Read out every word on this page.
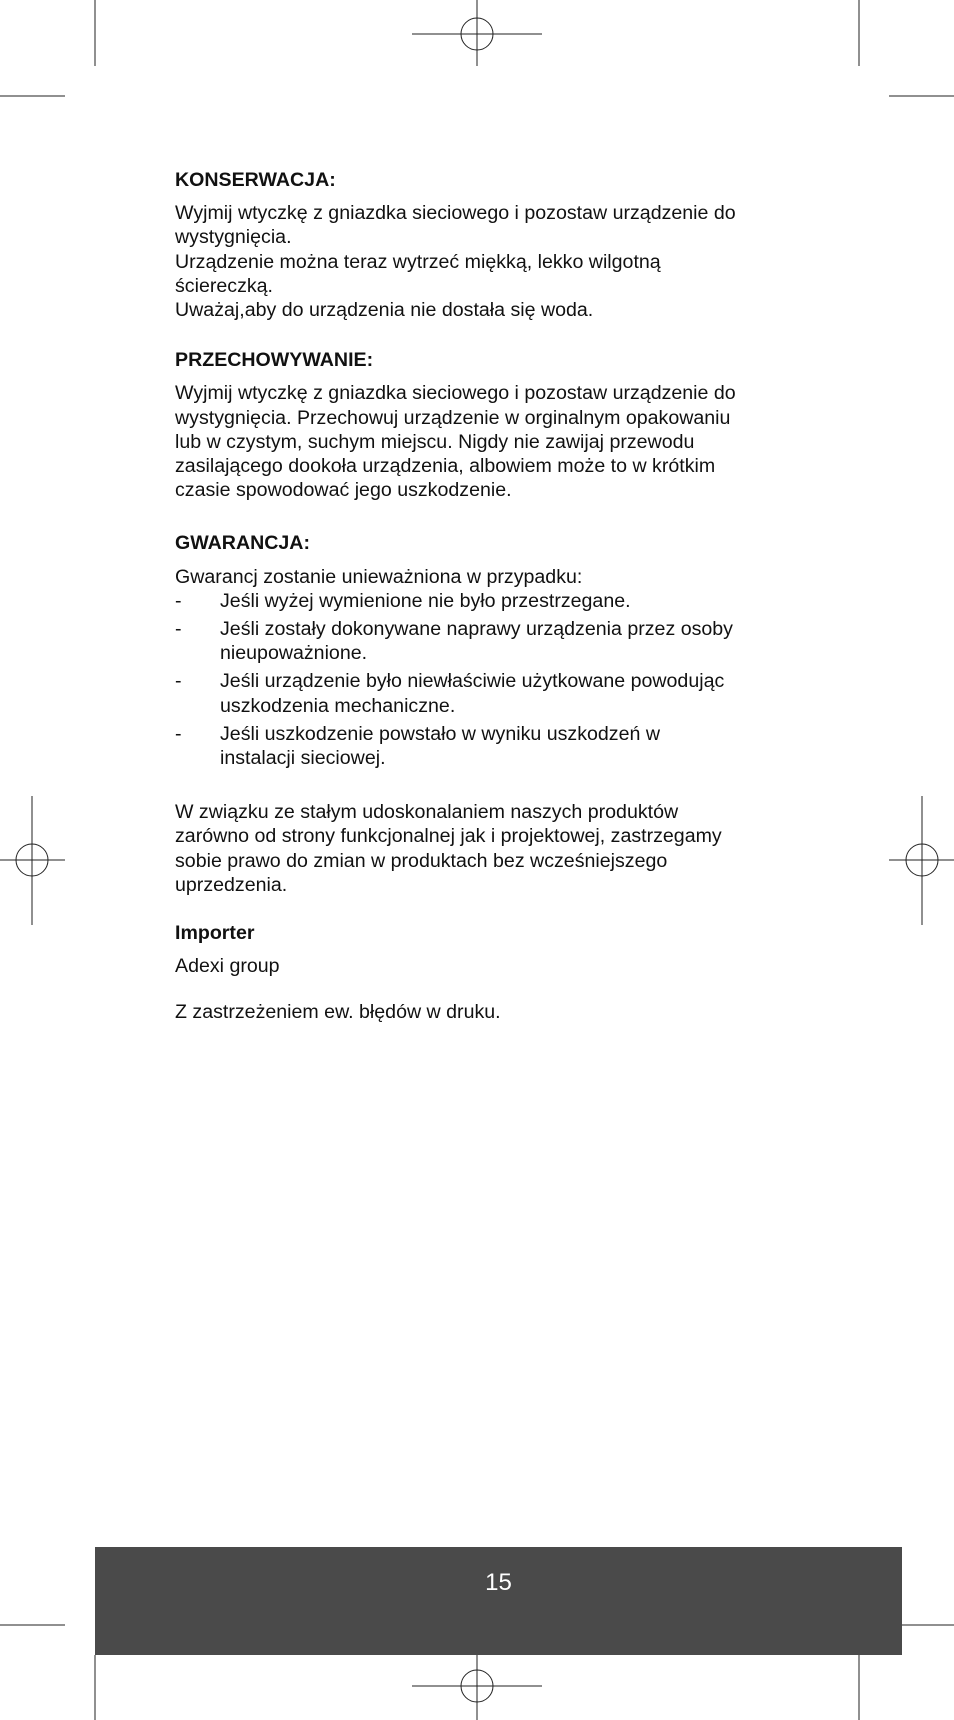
KONSERWACJA:
Wyjmij wtyczkę z gniazdka sieciowego i pozostaw urządzenie do
wystygnięcia.
Urządzenie można teraz wytrzeć miękką, lekko wilgotną
ściereczką.
Uważaj,aby do urządzenia nie dostała się woda.
PRZECHOWYWANIE:
Wyjmij wtyczkę z gniazdka sieciowego i pozostaw urządzenie do
wystygnięcia. Przechowuj urządzenie w orginalnym opakowaniu
lub w czystym, suchym miejscu. Nigdy nie zawijaj przewodu
zasilającego dookoła urządzenia, albowiem może to w krótkim
czasie spowodować jego uszkodzenie.
GWARANCJA:
Gwarancj zostanie unieważniona w przypadku:
- Jeśli wyżej wymienione nie było przestrzegane.
- Jeśli zostały dokonywane naprawy urządzenia przez osoby
nieupoważnione.
- Jeśli urządzenie było niewłaściwie użytkowane powodując
uszkodzenia mechaniczne.
- Jeśli uszkodzenie powstało w wyniku uszkodzeń w
instalacji sieciowej.
W związku ze stałym udoskonalaniem naszych produktów
zarówno od strony funkcjonalnej jak i projektowej, zastrzegamy
sobie prawo do zmian w produktach bez wcześniejszego
uprzedzenia.
Importer
Adexi group
Z zastrzeżeniem ew. błędów w druku.
15
